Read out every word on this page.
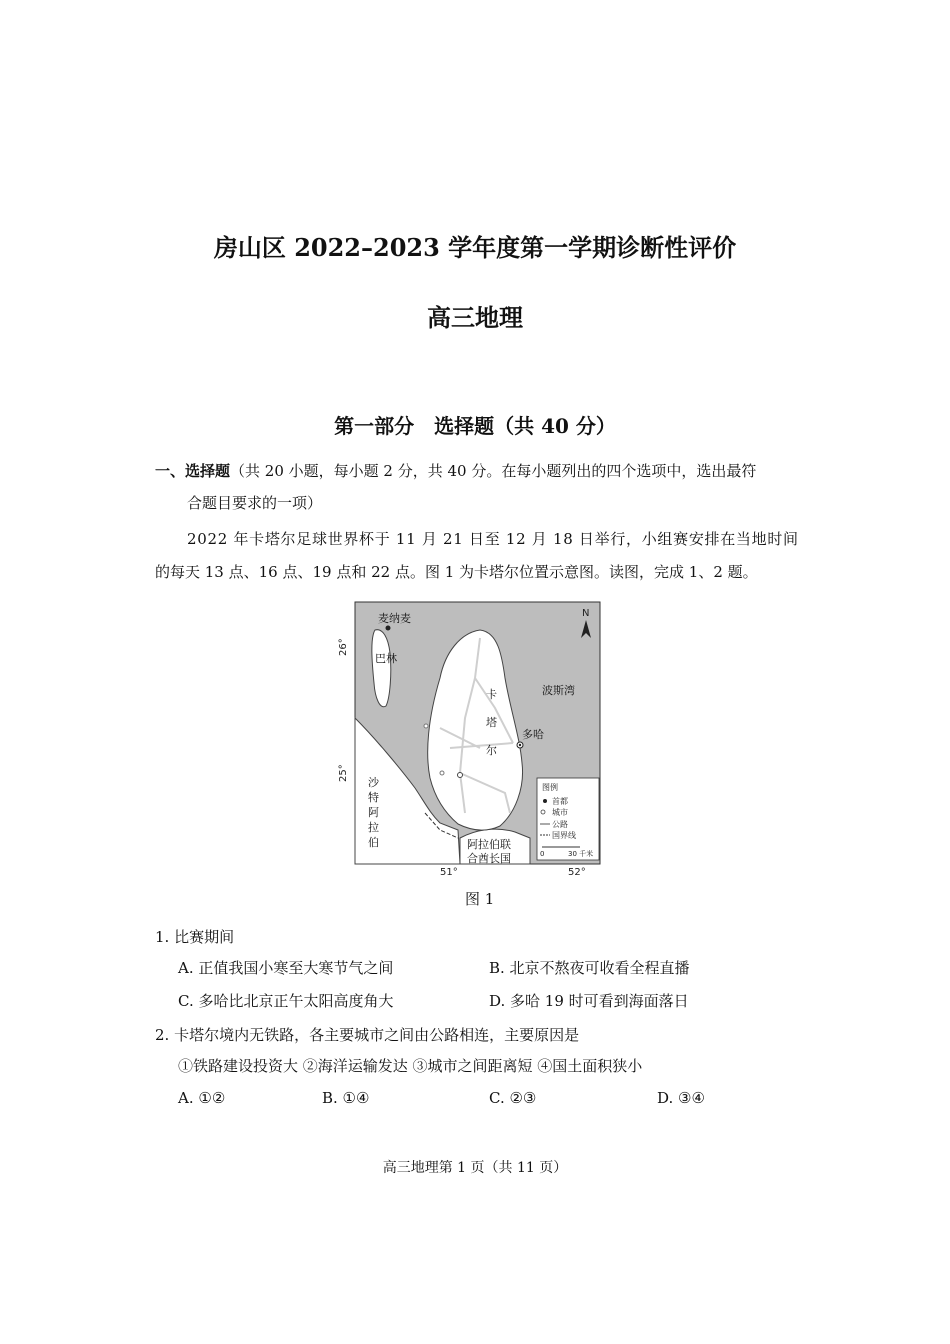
房山区 2022–2023 学年度第一学期诊断性评价
高三地理
第一部分　选择题（共 40 分）
一、选择题（共 20 小题，每小题 2 分，共 40 分。在每小题列出的四个选项中，选出最符
合题目要求的一项）
2022 年卡塔尔足球世界杯于 11 月 21 日至 12 月 18 日举行，小组赛安排在当地时间
的每天 13 点、16 点、19 点和 22 点。图 1 为卡塔尔位置示意图。读图，完成 1、2 题。
麦纳麦
巴林
卡
塔
尔
波斯湾
多哈
沙
特
阿
拉
伯	阿拉伯联
合酋长国
N
26°
25°
51°	52°
图例
首都
城市
公路
国界线
0	30 千米
图 1
1. 比赛期间
A. 正值我国小寒至大寒节气之间	B. 北京不熬夜可收看全程直播
C. 多哈比北京正午太阳高度角大	D. 多哈 19 时可看到海面落日
2. 卡塔尔境内无铁路，各主要城市之间由公路相连，主要原因是
①铁路建设投资大 ②海洋运输发达 ③城市之间距离短 ④国土面积狭小
A. ①②	B. ①④	C. ②③	D. ③④
高三地理第 1 页（共 11 页）
